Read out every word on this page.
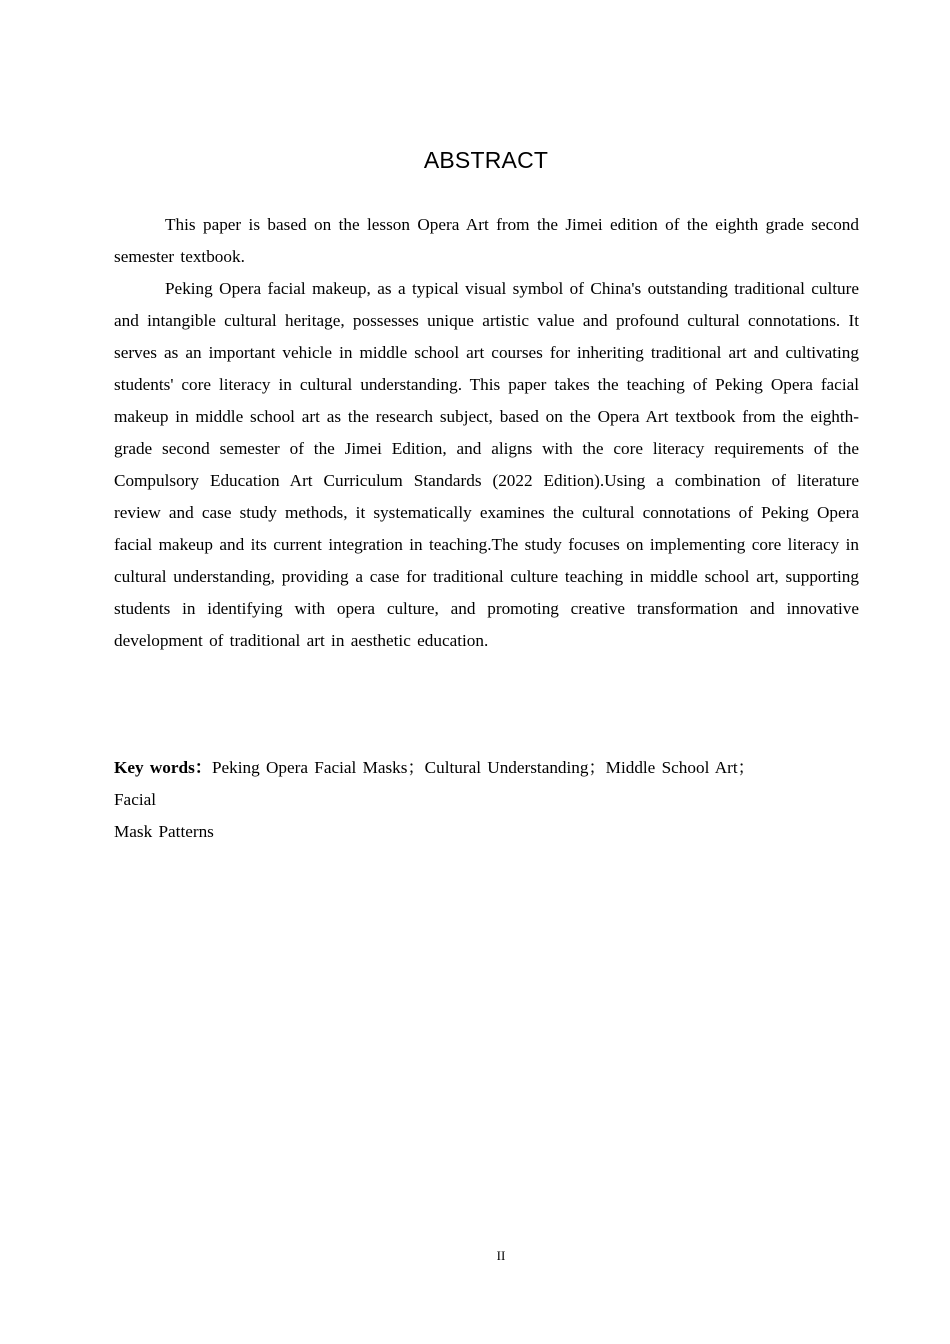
ABSTRACT

This paper is based on the lesson Opera Art from the Jimei edition of the eighth grade second semester textbook.

Peking Opera facial makeup, as a typical visual symbol of China's outstanding traditional culture and intangible cultural heritage, possesses unique artistic value and profound cultural connotations. It serves as an important vehicle in middle school art courses for inheriting traditional art and cultivating students' core literacy in cultural understanding. This paper takes the teaching of Peking Opera facial makeup in middle school art as the research subject, based on the Opera Art textbook from the eighth-grade second semester of the Jimei Edition, and aligns with the core literacy requirements of the Compulsory Education Art Curriculum Standards (2022 Edition).Using a combination of literature review and case study methods, it systematically examines the cultural connotations of Peking Opera facial makeup and its current integration in teaching.The study focuses on implementing core literacy in cultural understanding, providing a case for traditional culture teaching in middle school art, supporting students in identifying with opera culture, and promoting creative transformation and innovative development of traditional art in aesthetic education.

Key words：Peking Opera Facial Masks；Cultural Understanding；Middle School Art；
Facial
Mask Patterns
II
